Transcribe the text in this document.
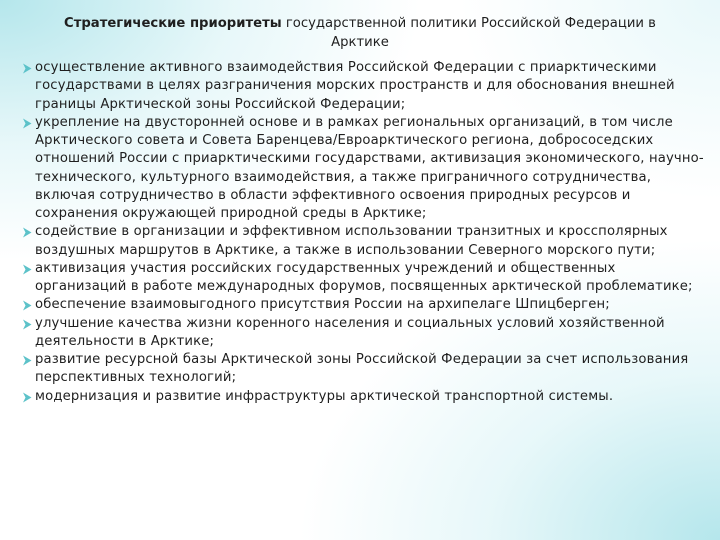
Стратегические приоритеты государственной политики Российской Федерации в Арктике
осуществление активного взаимодействия Российской Федерации с приарктическими государствами в целях разграничения морских пространств и для обоснования внешней границы Арктической зоны Российской Федерации;
укрепление на двусторонней основе и в рамках региональных организаций, в том числе Арктического совета и Совета Баренцева/Евроарктического региона, добрососедских отношений России с приарктическими государствами, активизация экономического, научно-технического, культурного взаимодействия, а также приграничного сотрудничества, включая сотрудничество в области эффективного освоения природных ресурсов и сохранения окружающей природной среды в Арктике;
содействие в организации и эффективном использовании транзитных и кроссполярных воздушных маршрутов в Арктике, а также в использовании Северного морского пути;
активизация участия российских государственных учреждений и общественных организаций в работе международных форумов, посвященных арктической проблематике;
обеспечение взаимовыгодного присутствия России на архипелаге Шпицберген;
улучшение качества жизни коренного населения и социальных условий хозяйственной деятельности в Арктике;
развитие ресурсной базы Арктической зоны Российской Федерации за счет использования перспективных технологий;
модернизация и развитие инфраструктуры арктической транспортной системы.
